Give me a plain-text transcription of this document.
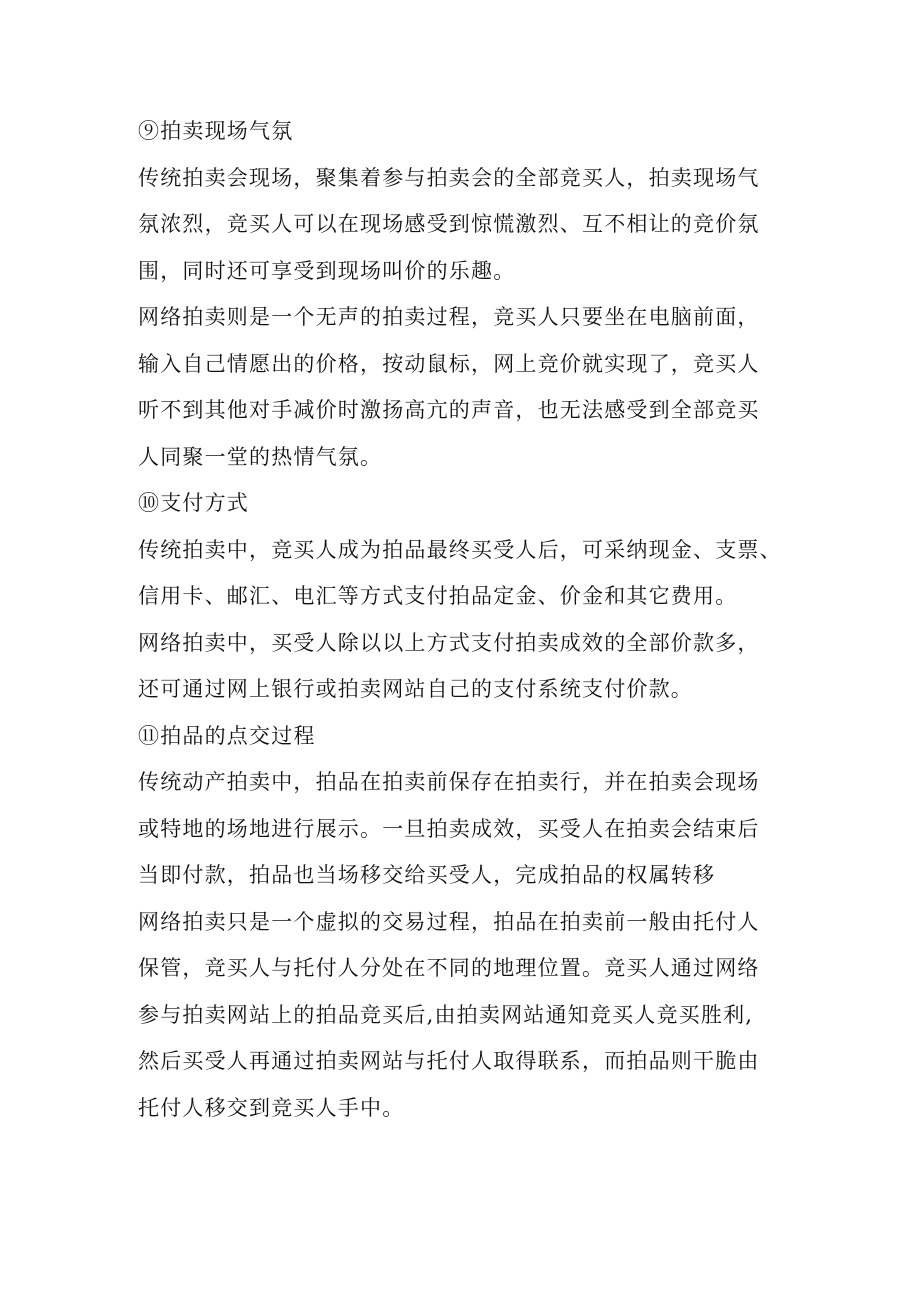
⑨拍卖现场气氛

传统拍卖会现场，聚集着参与拍卖会的全部竞买人，拍卖现场气
氛浓烈，竞买人可以在现场感受到惊慌激烈、互不相让的竞价氛
围，同时还可享受到现场叫价的乐趣。

网络拍卖则是一个无声的拍卖过程，竞买人只要坐在电脑前面，
输入自己情愿出的价格，按动鼠标，网上竞价就实现了，竞买人
听不到其他对手减价时激扬高亢的声音，也无法感受到全部竞买
人同聚一堂的热情气氛。

⑩支付方式

传统拍卖中，竞买人成为拍品最终买受人后，可采纳现金、支票、
信用卡、邮汇、电汇等方式支付拍品定金、价金和其它费用。

网络拍卖中，买受人除以以上方式支付拍卖成效的全部价款多，
还可通过网上银行或拍卖网站自己的支付系统支付价款。

⑪拍品的点交过程

传统动产拍卖中，拍品在拍卖前保存在拍卖行，并在拍卖会现场
或特地的场地进行展示。一旦拍卖成效，买受人在拍卖会结束后
当即付款，拍品也当场移交给买受人，完成拍品的权属转移

网络拍卖只是一个虚拟的交易过程，拍品在拍卖前一般由托付人
保管，竞买人与托付人分处在不同的地理位置。竞买人通过网络
参与拍卖网站上的拍品竞买后,由拍卖网站通知竞买人竞买胜利,
然后买受人再通过拍卖网站与托付人取得联系，而拍品则干脆由
托付人移交到竞买人手中。
